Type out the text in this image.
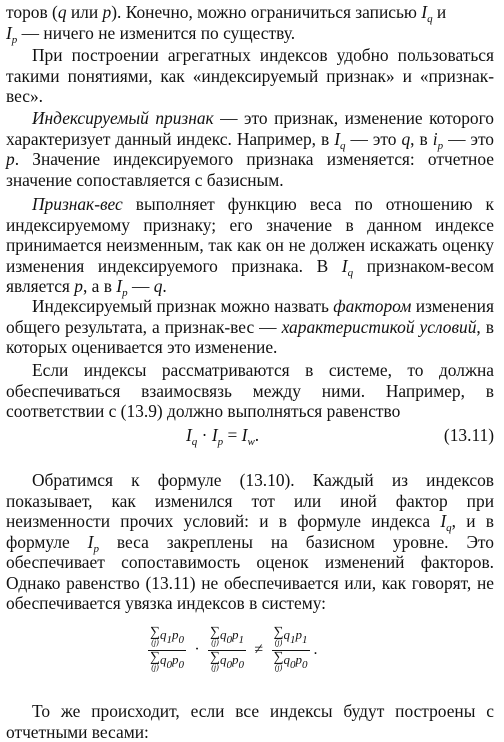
торов (q или p). Конечно, можно ограничиться записью $I_q$ и
$I_p$ — ничего не изменится по существу.

При построении агрегатных индексов удобно пользоваться такими понятиями, как «индексируемый признак» и «признак-вес».

Индексируемый признак — это признак, изменение которого характеризует данный индекс. Например, в $I_q$ — это q, в $i_p$ — это p. Значение индексируемого признака изменяется: отчетное значение сопоставляется с базисным.

Признак-вес выполняет функцию веса по отношению к индексируемому признаку; его значение в данном индексе принимается неизменным, так как он не должен искажать оценку изменения индексируемого признака. В $I_q$ признаком-весом является p, а в $I_p$ — q.

Индексируемый признак можно назвать фактором изменения общего результата, а признак-вес — характеристикой условий, в которых оценивается это изменение.

Если индексы рассматриваются в системе, то должна обеспечиваться взаимосвязь между ними. Например, в соответствии с (13.9) должно выполняться равенство

$I_q \cdot I_p = I_w$.	(13.11)

Обратимся к формуле (13.10). Каждый из индексов показывает, как изменился тот или иной фактор при неизменности прочих условий: и в формуле индекса $I_q$, и в формуле $I_p$ веса закреплены на базисном уровне. Это обеспечивает сопоставимость оценок изменений факторов. Однако равенство (13.11) не обеспечивается или, как говорят, не обеспечивается увязка индексов в систему:

∑
(j)
$q_1p_0$
∑
(j)
$q_0p_0$ · ∑
(j)
$q_0p_1$
∑
(j)
$q_0p_0$ ≠ ∑
(j)
$q_1p_1$
∑
(j)
$q_0p_0$ .

То же происходит, если все индексы будут построены с отчетными весами:
